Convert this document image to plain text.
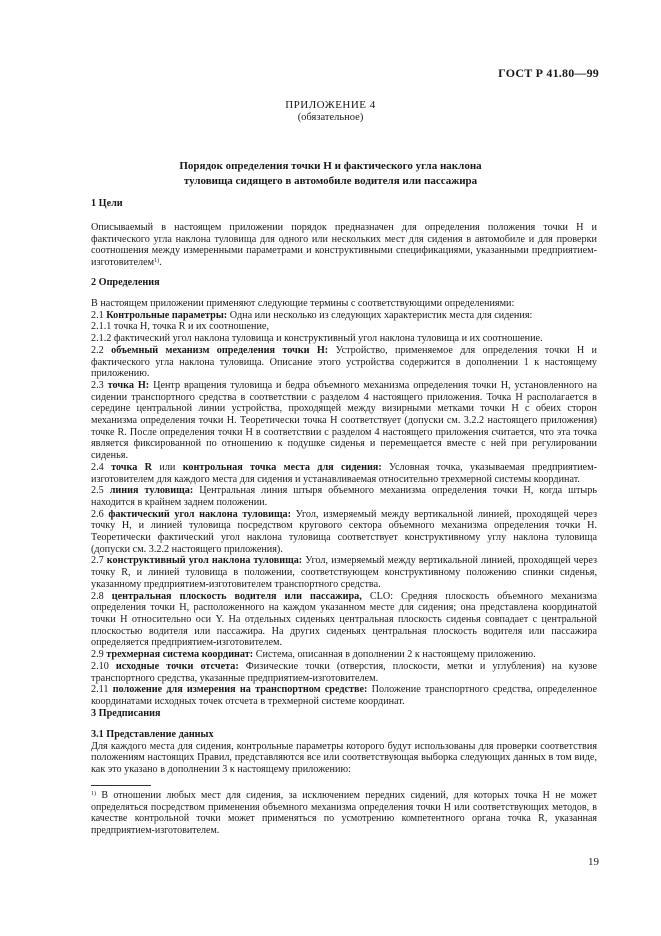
ГОСТ Р 41.80—99
ПРИЛОЖЕНИЕ 4
(обязательное)
Порядок определения точки H и фактического угла наклона
туловища сидящего в автомобиле водителя или пассажира

1 Цели

Описываемый в настоящем приложении порядок предназначен для определения положения точки H и фактического угла наклона туловища для одного или нескольких мест для сидения в автомобиле и для проверки соотношения между измеренными параметрами и конструктивными спецификациями, указанными предприятием-изготовителем$^{1)}$.

2 Определения

В настоящем приложении применяют следующие термины с соответствующими определениями:

2.1 Контрольные параметры: Одна или несколько из следующих характеристик места для сидения:

2.1.1 точка H, точка R и их соотношение,

2.1.2 фактический угол наклона туловища и конструктивный угол наклона туловища и их соотношение.

2.2 объемный механизм определения точки H: Устройство, применяемое для определения точки H и фактического угла наклона туловища. Описание этого устройства содержится в дополнении 1 к настоящему приложению.

2.3 точка H: Центр вращения туловища и бедра объемного механизма определения точки H, установленного на сидении транспортного средства в соответствии с разделом 4 настоящего приложения. Точка H располагается в середине центральной линии устройства, проходящей между визирными метками точки H с обеих сторон механизма определения точки H. Теоретически точка H соответствует (допуски см. 3.2.2 настоящего приложения) точке R. После определения точки H в соответствии с разделом 4 настоящего приложения считается, что эта точка является фиксированной по отношению к подушке сиденья и перемещается вместе с ней при регулировании сиденья.

2.4 точка R или контрольная точка места для сидения: Условная точка, указываемая предприятием-изготовителем для каждого места для сидения и устанавливаемая относительно трехмерной системы координат.

2.5 линия туловища: Центральная линия штыря объемного механизма определения точки H, когда штырь находится в крайнем заднем положении.

2.6 фактический угол наклона туловища: Угол, измеряемый между вертикальной линией, проходящей через точку H, и линией туловища посредством кругового сектора объемного механизма определения точки H. Теоретически фактический угол наклона туловища соответствует конструктивному углу наклона туловища (допуски см. 3.2.2 настоящего приложения).

2.7 конструктивный угол наклона туловища: Угол, измеряемый между вертикальной линией, проходящей через точку R, и линией туловища в положении, соответствующем конструктивному положению спинки сиденья, указанному предприятием-изготовителем транспортного средства.

2.8 центральная плоскость водителя или пассажира, CLO: Средняя плоскость объемного механизма определения точки H, расположенного на каждом указанном месте для сидения; она представлена координатой точки H относительно оси Y. На отдельных сиденьях центральная плоскость сиденья совпадает с центральной плоскостью водителя или пассажира. На других сиденьях центральная плоскость водителя или пассажира определяется предприятием-изготовителем.

2.9 трехмерная система координат: Система, описанная в дополнении 2 к настоящему приложению.

2.10 исходные точки отсчета: Физические точки (отверстия, плоскости, метки и углубления) на кузове транспортного средства, указанные предприятием-изготовителем.

2.11 положение для измерения на транспортном средстве: Положение транспортного средства, определенное координатами исходных точек отсчета в трехмерной системе координат.

3 Предписания

3.1 Представление данных

Для каждого места для сидения, контрольные параметры которого будут использованы для проверки соответствия положениям настоящих Правил, представляются все или соответствующая выборка следующих данных в том виде, как это указано в дополнении 3 к настоящему приложению:

$^{1)}$ В отношении любых мест для сидения, за исключением передних сидений, для которых точка H не может определяться посредством применения объемного механизма определения точки H или соответствующих методов, в качестве контрольной точки может применяться по усмотрению компетентного органа точка R, указанная предприятием-изготовителем.
19
